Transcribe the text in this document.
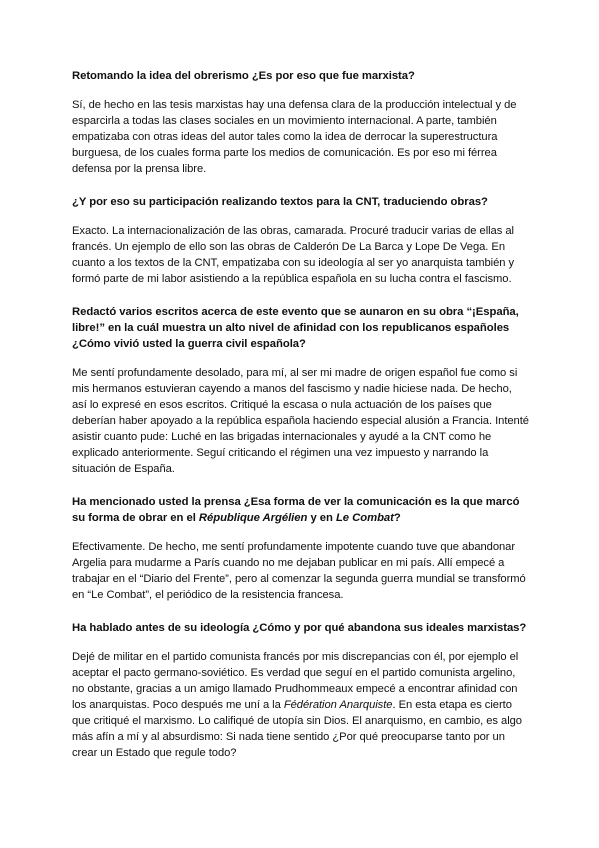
Retomando la idea del obrerismo ¿Es por eso que fue marxista?

Sí, de hecho en las tesis marxistas hay una defensa clara de la producción intelectual y de esparcirla a todas las clases sociales en un movimiento internacional. A parte, también empatizaba con otras ideas del autor tales como la idea de derrocar la superestructura burguesa, de los cuales forma parte los medios de comunicación. Es por eso mi férrea defensa por la prensa libre.

¿Y por eso su participación realizando textos para la CNT, traduciendo obras?

Exacto. La internacionalización de las obras, camarada. Procuré traducir varias de ellas al francés. Un ejemplo de ello son las obras de Calderón De La Barca y Lope De Vega. En cuanto a los textos de la CNT, empatizaba con su ideología al ser yo anarquista también y formó parte de mi labor asistiendo a la república española en su lucha contra el fascismo.

Redactó varios escritos acerca de este evento que se aunaron en su obra “¡España, libre!” en la cuál muestra un alto nivel de afinidad con los republicanos españoles ¿Cómo vivió usted la guerra civil española?

Me sentí profundamente desolado, para mí, al ser mi madre de origen español fue como si mis hermanos estuvieran cayendo a manos del fascismo y nadie hiciese nada. De hecho, así lo expresé en esos escritos. Critiqué la escasa o nula actuación de los países que deberían haber apoyado a la república española haciendo especial alusión a Francia. Intenté asistir cuanto pude: Luché en las brigadas internacionales y ayudé a la CNT como he explicado anteriormente. Seguí criticando el régimen una vez impuesto y narrando la situación de España.

Ha mencionado usted la prensa ¿Esa forma de ver la comunicación es la que marcó su forma de obrar en el République Argélien y en Le Combat?

Efectivamente. De hecho, me sentí profundamente impotente cuando tuve que abandonar Argelia para mudarme a París cuando no me dejaban publicar en mi país. Allí empecé a trabajar en el “Diario del Frente”, pero al comenzar la segunda guerra mundial se transformó en “Le Combat”, el periódico de la resistencia francesa.

Ha hablado antes de su ideología ¿Cómo y por qué abandona sus ideales marxistas?

Dejé de militar en el partido comunista francés por mis discrepancias con él, por ejemplo el aceptar el pacto germano-soviético. Es verdad que seguí en el partido comunista argelino, no obstante, gracias a un amigo llamado Prudhommeaux empecé a encontrar afinidad con los anarquistas. Poco después me uní a la Fédération Anarquiste. En esta etapa es cierto que critiqué el marxismo. Lo califiqué de utopía sin Dios. El anarquismo, en cambio, es algo más afín a mí y al absurdismo: Si nada tiene sentido ¿Por qué preocuparse tanto por un crear un Estado que regule todo?
